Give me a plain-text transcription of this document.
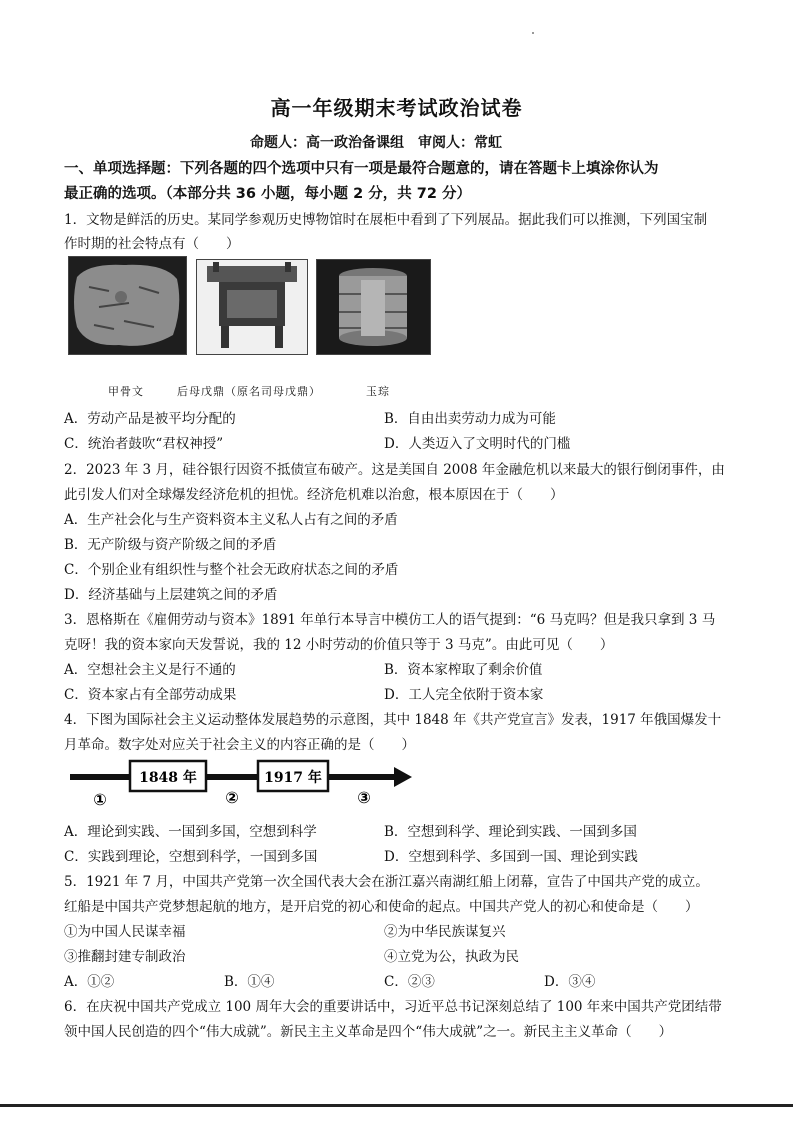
高一年级期末考试政治试卷
命题人：高一政治备课组　审阅人：常虹
一、单项选择题：下列各题的四个选项中只有一项是最符合题意的，请在答题卡上填涂你认为
最正确的选项。（本部分共 36 小题，每小题 2 分，共 72 分）
1．文物是鲜活的历史。某同学参观历史博物馆时在展柜中看到了下列展品。据此我们可以推测，下列国宝制
作时期的社会特点有（　　）
甲骨文	后母戊鼎（原名司母戊鼎）	玉琮
A．劳动产品是被平均分配的	B．自由出卖劳动力成为可能
C．统治者鼓吹“君权神授”	D．人类迈入了文明时代的门槛
2．2023 年 3 月，硅谷银行因资不抵债宣布破产。这是美国自 2008 年金融危机以来最大的银行倒闭事件，由
此引发人们对全球爆发经济危机的担忧。经济危机难以治愈，根本原因在于（　　）
A．生产社会化与生产资料资本主义私人占有之间的矛盾
B．无产阶级与资产阶级之间的矛盾
C．个别企业有组织性与整个社会无政府状态之间的矛盾
D．经济基础与上层建筑之间的矛盾
3．恩格斯在《雇佣劳动与资本》1891 年单行本导言中模仿工人的语气提到：“6 马克吗？但是我只拿到 3 马
克呀！我的资本家向天发誓说，我的 12 小时劳动的价值只等于 3 马克”。由此可见（　　）
A．空想社会主义是行不通的	B．资本家榨取了剩余价值
C．资本家占有全部劳动成果	D．工人完全依附于资本家
4．下图为国际社会主义运动整体发展趋势的示意图，其中 1848 年《共产党宣言》发表，1917 年俄国爆发十
月革命。数字处对应关于社会主义的内容正确的是（　　）
1848 年	1917 年
①	②	③
A．理论到实践、一国到多国，空想到科学	B．空想到科学、理论到实践、一国到多国
C．实践到理论，空想到科学，一国到多国	D．空想到科学、多国到一国、理论到实践
5．1921 年 7 月，中国共产党第一次全国代表大会在浙江嘉兴南湖红船上闭幕，宣告了中国共产党的成立。
红船是中国共产党梦想起航的地方，是开启党的初心和使命的起点。中国共产党人的初心和使命是（　　）
①为中国人民谋幸福	②为中华民族谋复兴
③推翻封建专制政治	④立党为公，执政为民
A．①②	B．①④	C．②③	D．③④
6．在庆祝中国共产党成立 100 周年大会的重要讲话中，习近平总书记深刻总结了 100 年来中国共产党团结带
领中国人民创造的四个“伟大成就”。新民主主义革命是四个“伟大成就”之一。新民主主义革命（　　）
